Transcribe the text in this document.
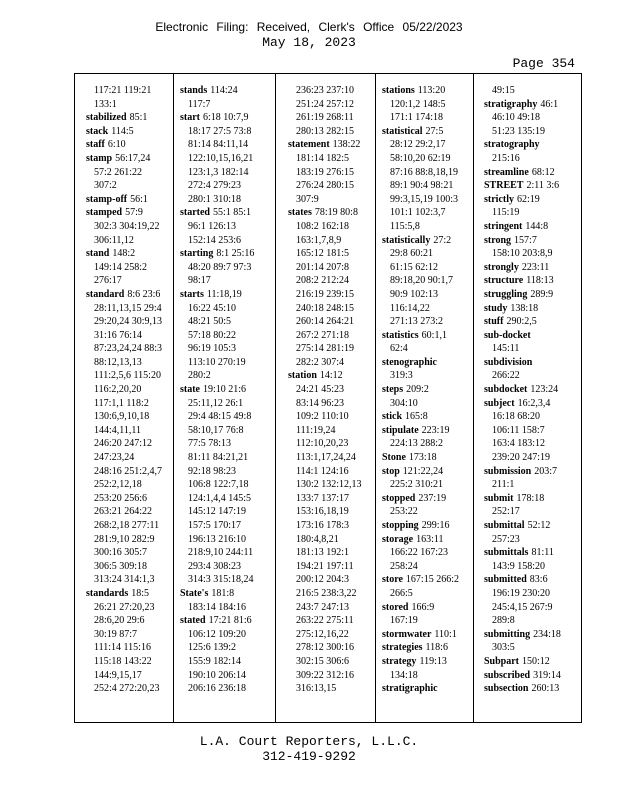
Electronic Filing: Received, Clerk's Office 05/22/2023
May 18, 2023
Page 354
117:21 119:21
133:1
stabilized 85:1
stack 114:5
staff 6:10
stamp 56:17,24
57:2 261:22
307:2
stamp-off 56:1
stamped 57:9
302:3 304:19,22
306:11,12
stand 148:2
149:14 258:2
276:17
standard 8:6 23:6
28:11,13,15 29:4
29:20,24 30:9,13
31:16 76:14
87:23,24,24 88:3
88:12,13,13
111:2,5,6 115:20
116:2,20,20
117:1,1 118:2
130:6,9,10,18
144:4,11,11
246:20 247:12
247:23,24
248:16 251:2,4,7
252:2,12,18
253:20 256:6
263:21 264:22
268:2,18 277:11
281:9,10 282:9
300:16 305:7
306:5 309:18
313:24 314:1,3
standards 18:5
26:21 27:20,23
28:6,20 29:6
30:19 87:7
111:14 115:16
115:18 143:22
144:9,15,17
252:4 272:20,23
stands 114:24
117:7
start 6:18 10:7,9
18:17 27:5 73:8
81:14 84:11,14
122:10,15,16,21
123:1,3 182:14
272:4 279:23
280:1 310:18
started 55:1 85:1
96:1 126:13
152:14 253:6
starting 8:1 25:16
48:20 89:7 97:3
98:17
starts 11:18,19
16:22 45:10
48:21 50:5
57:18 80:22
96:19 105:3
113:10 270:19
280:2
state 19:10 21:6
25:11,12 26:1
29:4 48:15 49:8
58:10,17 76:8
77:5 78:13
81:11 84:21,21
92:18 98:23
106:8 122:7,18
124:1,4,4 145:5
145:12 147:19
157:5 170:17
196:13 216:10
218:9,10 244:11
293:4 308:23
314:3 315:18,24
State's 181:8
183:14 184:16
stated 17:21 81:6
106:12 109:20
125:6 139:2
155:9 182:14
190:10 206:14
206:16 236:18
236:23 237:10
251:24 257:12
261:19 268:11
280:13 282:15
statement 138:22
181:14 182:5
183:19 276:15
276:24 280:15
307:9
states 78:19 80:8
108:2 162:18
163:1,7,8,9
165:12 181:5
201:14 207:8
208:2 212:24
216:19 239:15
240:18 248:15
260:14 264:21
267:2 271:18
275:14 281:19
282:2 307:4
station 14:12
24:21 45:23
83:14 96:23
109:2 110:10
111:19,24
112:10,20,23
113:1,17,24,24
114:1 124:16
130:2 132:12,13
133:7 137:17
153:16,18,19
173:16 178:3
180:4,8,21
181:13 192:1
194:21 197:11
200:12 204:3
216:5 238:3,22
243:7 247:13
263:22 275:11
275:12,16,22
278:12 300:16
302:15 306:6
309:22 312:16
316:13,15
stations 113:20
120:1,2 148:5
171:1 174:18
statistical 27:5
28:12 29:2,17
58:10,20 62:19
87:16 88:8,18,19
89:1 90:4 98:21
99:3,15,19 100:3
101:1 102:3,7
115:5,8
statistically 27:2
29:8 60:21
61:15 62:12
89:18,20 90:1,7
90:9 102:13
116:14,22
271:13 273:2
statistics 60:1,1
62:4
stenographic
319:3
steps 209:2
304:10
stick 165:8
stipulate 223:19
224:13 288:2
Stone 173:18
stop 121:22,24
225:2 310:21
stopped 237:19
253:22
stopping 299:16
storage 163:11
166:22 167:23
258:24
store 167:15 266:2
266:5
stored 166:9
167:19
stormwater 110:1
strategies 118:6
strategy 119:13
134:18
stratigraphic
49:15
stratigraphy 46:1
46:10 49:18
51:23 135:19
stratography
215:16
streamline 68:12
STREET 2:11 3:6
strictly 62:19
115:19
stringent 144:8
strong 157:7
158:10 203:8,9
strongly 223:11
structure 118:13
struggling 289:9
study 138:18
stuff 290:2,5
sub-docket
145:11
subdivision
266:22
subdocket 123:24
subject 16:2,3,4
16:18 68:20
106:11 158:7
163:4 183:12
239:20 247:19
submission 203:7
211:1
submit 178:18
252:17
submittal 52:12
257:23
submittals 81:11
143:9 158:20
submitted 83:6
196:19 230:20
245:4,15 267:9
289:8
submitting 234:18
303:5
Subpart 150:12
subscribed 319:14
subsection 260:13
L.A. Court Reporters, L.L.C.
312-419-9292
